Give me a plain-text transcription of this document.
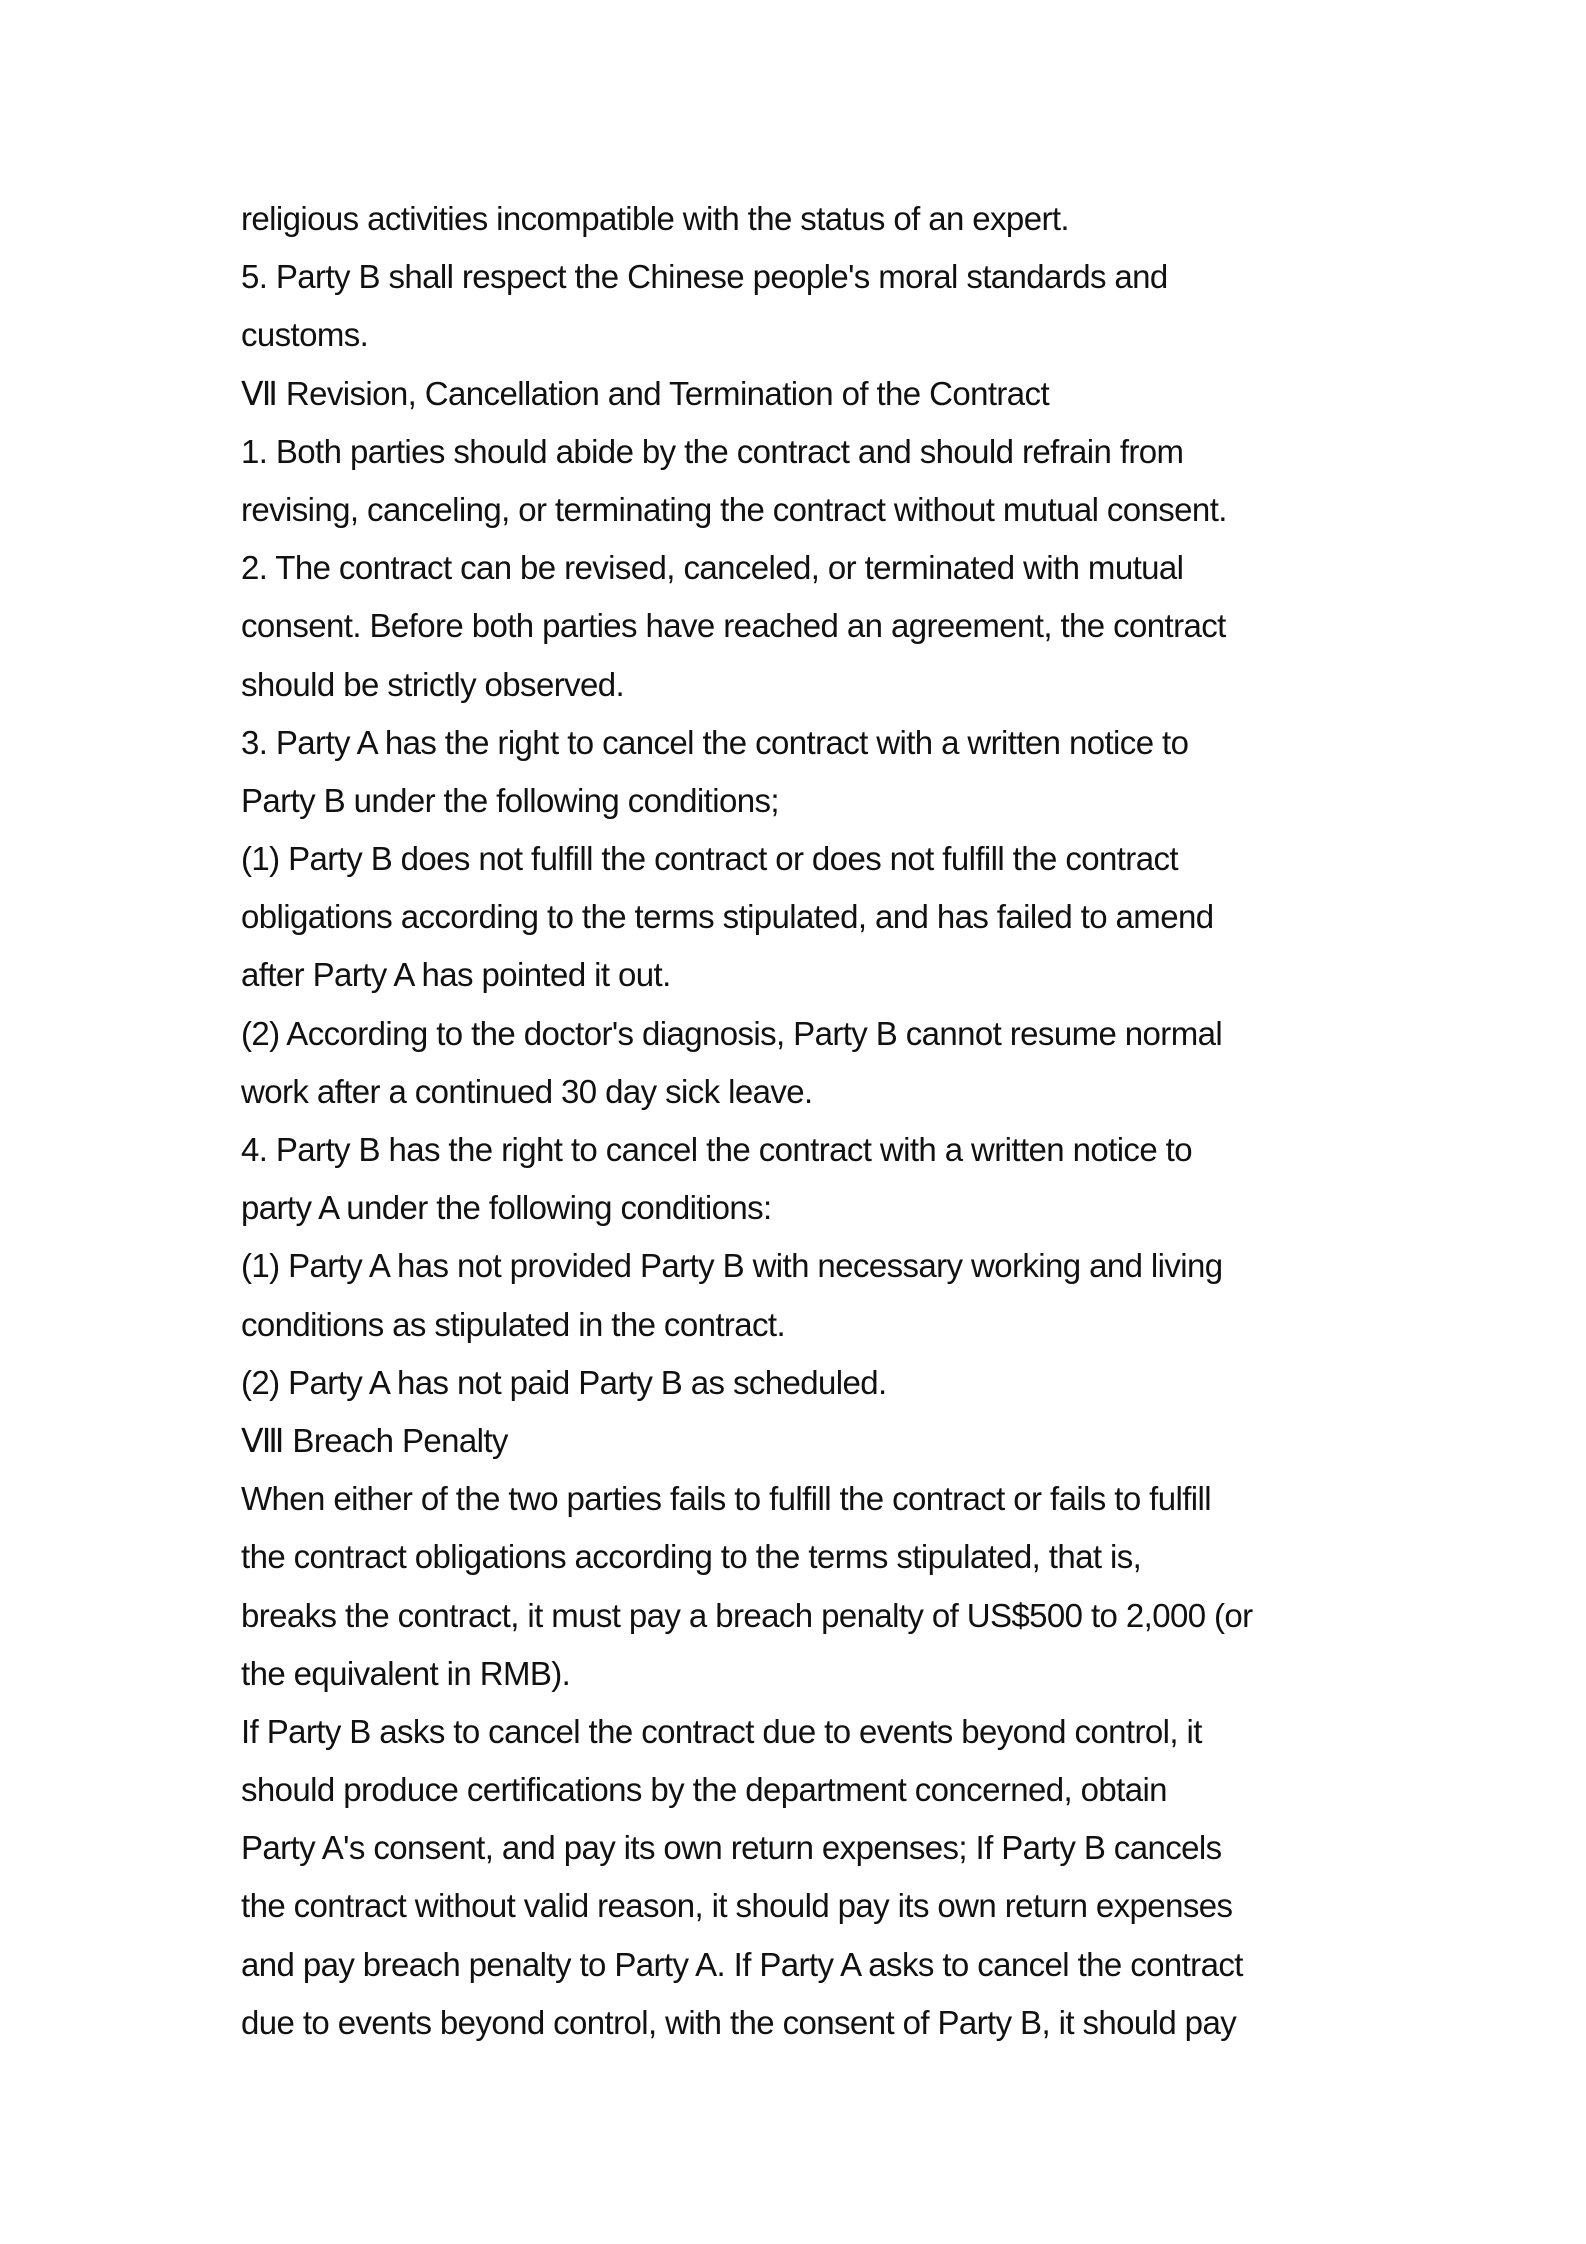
religious activities incompatible with the status of an expert.
5. Party B shall respect the Chinese people's moral standards and
customs.
Ⅶ Revision, Cancellation and Termination of the Contract
1. Both parties should abide by the contract and should refrain from
revising, canceling, or terminating the contract without mutual consent.
2. The contract can be revised, canceled, or terminated with mutual
consent. Before both parties have reached an agreement, the contract
should be strictly observed.
3. Party A has the right to cancel the contract with a written notice to
Party B under the following conditions;
(1) Party B does not fulfill the contract or does not fulfill the contract
obligations according to the terms stipulated, and has failed to amend
after Party A has pointed it out.
(2) According to the doctor's diagnosis, Party B cannot resume normal
work after a continued 30 day sick leave.
4. Party B has the right to cancel the contract with a written notice to
party A under the following conditions:
(1) Party A has not provided Party B with necessary working and living
conditions as stipulated in the contract.
(2) Party A has not paid Party B as scheduled.
Ⅷ Breach Penalty
When either of the two parties fails to fulfill the contract or fails to fulfill
the contract obligations according to the terms stipulated, that is,
breaks the contract, it must pay a breach penalty of US$500 to 2,000 (or
the equivalent in RMB).
If Party B asks to cancel the contract due to events beyond control, it
should produce certifications by the department concerned, obtain
Party A's consent, and pay its own return expenses; If Party B cancels
the contract without valid reason, it should pay its own return expenses
and pay breach penalty to Party A. If Party A asks to cancel the contract
due to events beyond control, with the consent of Party B, it should pay
